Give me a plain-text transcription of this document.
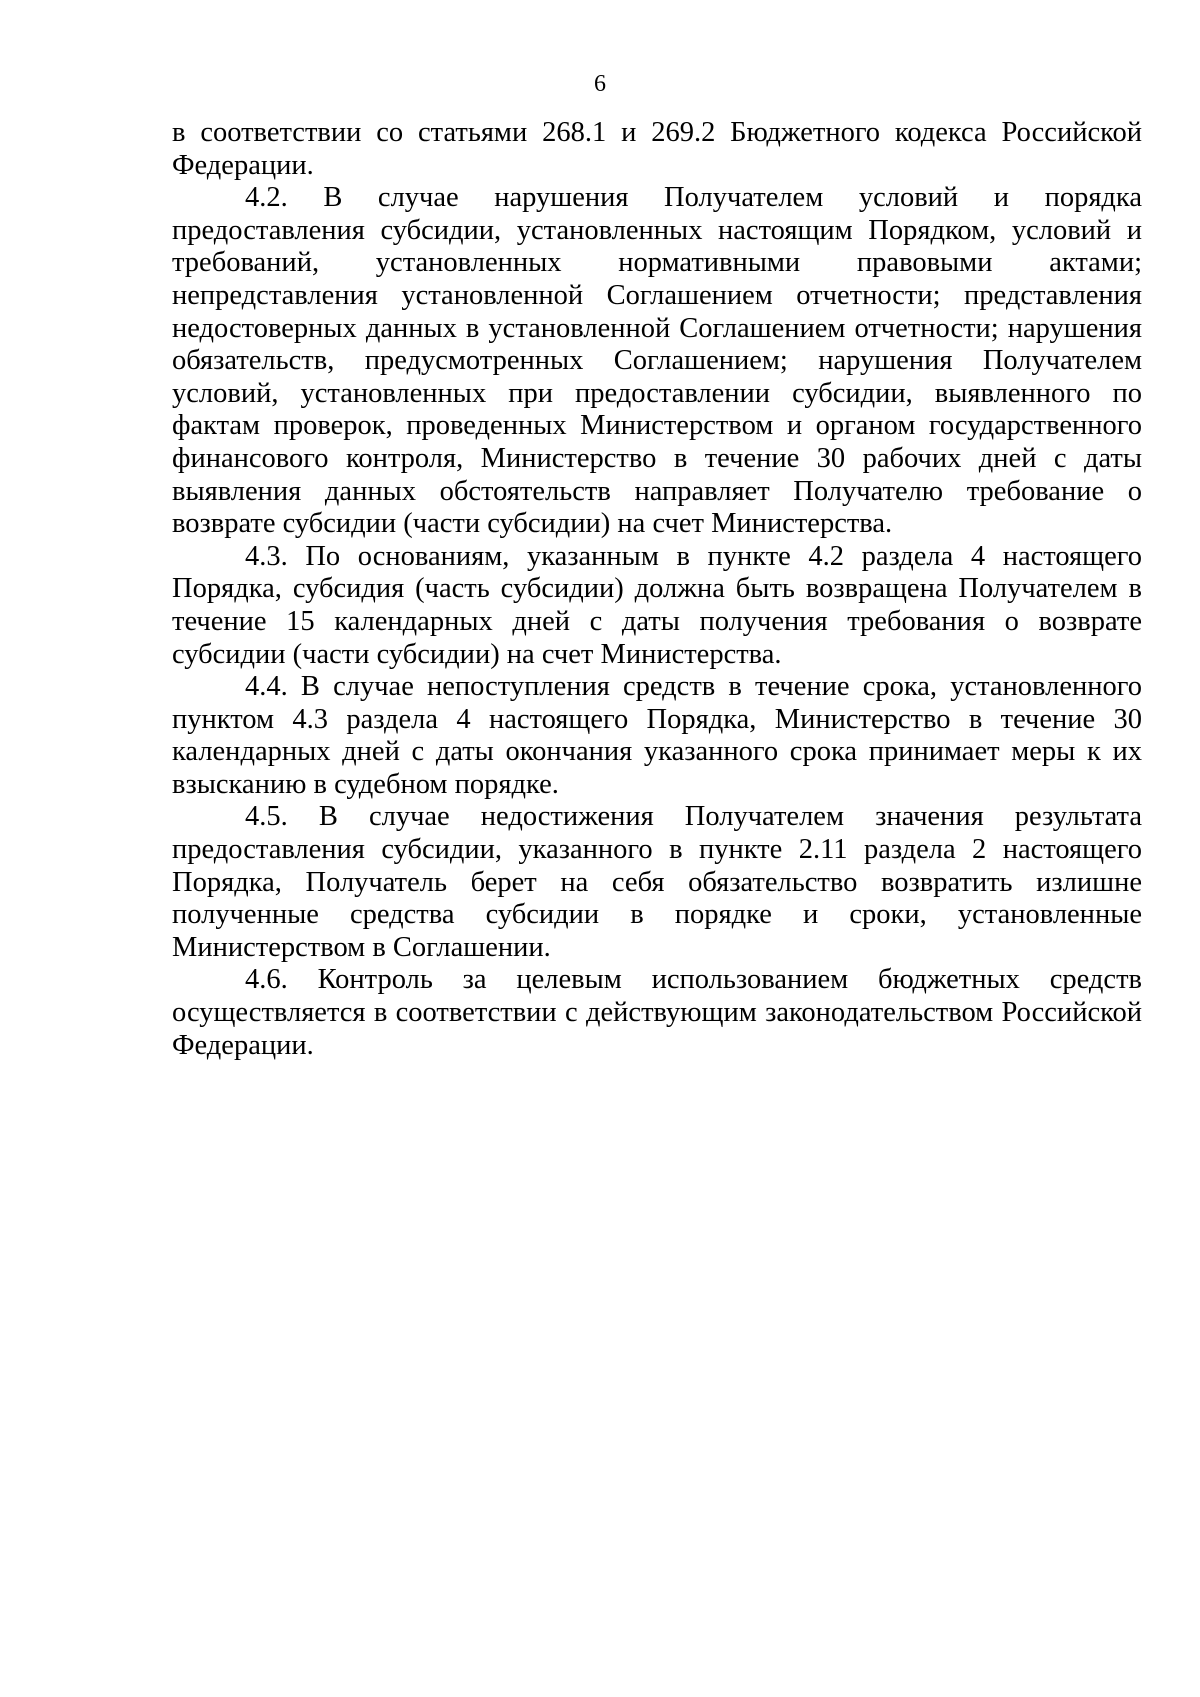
6

в соответствии со статьями 268.1 и 269.2 Бюджетного кодекса Российской Федерации.

4.2. В случае нарушения Получателем условий и порядка предоставления субсидии, установленных настоящим Порядком, условий и требований, установленных нормативными правовыми актами; непредставления установленной Соглашением отчетности; представления недостоверных данных в установленной Соглашением отчетности; нарушения обязательств, предусмотренных Соглашением; нарушения Получателем условий, установленных при предоставлении субсидии, выявленного по фактам проверок, проведенных Министерством и органом государственного финансового контроля, Министерство в течение 30 рабочих дней с даты выявления данных обстоятельств направляет Получателю требование о возврате субсидии (части субсидии) на счет Министерства.

4.3. По основаниям, указанным в пункте 4.2 раздела 4 настоящего Порядка, субсидия (часть субсидии) должна быть возвращена Получателем в течение 15 календарных дней с даты получения требования о возврате субсидии (части субсидии) на счет Министерства.

4.4. В случае непоступления средств в течение срока, установленного пунктом 4.3 раздела 4 настоящего Порядка, Министерство в течение 30 календарных дней с даты окончания указанного срока принимает меры к их взысканию в судебном порядке.

4.5. В случае недостижения Получателем значения результата предоставления субсидии, указанного в пункте 2.11 раздела 2 настоящего Порядка, Получатель берет на себя обязательство возвратить излишне полученные средства субсидии в порядке и сроки, установленные Министерством в Соглашении.

4.6. Контроль за целевым использованием бюджетных средств осуществляется в соответствии с действующим законодательством Российской Федерации.
